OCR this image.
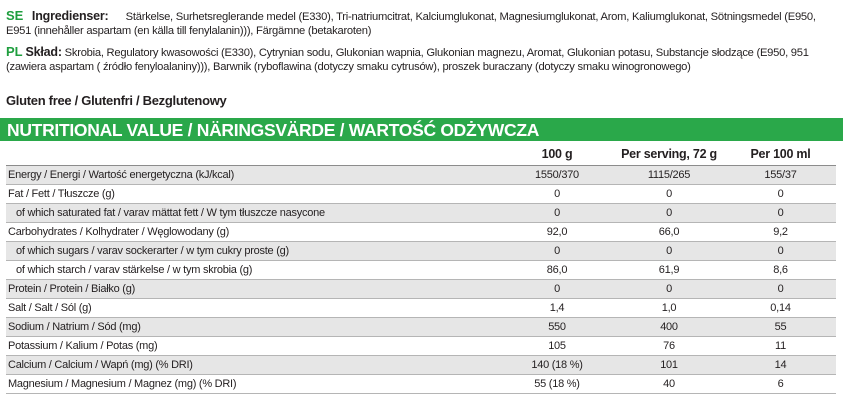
SE Ingredienser: Stärkelse, Surhetsreglerande medel (E330), Tri-natriumcitrat, Kalciumglukonat, Magnesiumglukonat, Arom, Kaliumglukonat, Sötningsmedel (E950, E951 (innehåller aspartam (en källa till fenylalanin))), Färgämne (betakaroten)
PL Skład: Skrobia, Regulatory kwasowości (E330), Cytrynian sodu, Glukonian wapnia, Glukonian magnezu, Aromat, Glukonian potasu, Substancje słodzące (E950, 951 (zawiera aspartam ( źródło fenyloalaniny))), Barwnik (ryboflawina (dotyczy smaku cytrusów), proszek buraczany (dotyczy smaku winogronowego)
Gluten free / Glutenfri / Bezglutenowy
NUTRITIONAL VALUE / NÄRINGSVÄRDE / WARTOŚĆ ODŻYWCZA
	100 g	Per serving, 72 g	Per 100 ml
Energy / Energi / Wartość energetyczna (kJ/kcal)	1550/370	1115/265	155/37
Fat / Fett / Tłuszcze (g)	0	0	0
of which saturated fat / varav mättat fett / W tym tłuszcze nasycone	0	0	0
Carbohydrates / Kolhydrater / Węglowodany (g)	92,0	66,0	9,2
of which sugars / varav sockerarter / w tym cukry proste (g)	0	0	0
of which starch / varav stärkelse / w tym skrobia (g)	86,0	61,9	8,6
Protein / Protein / Białko (g)	0	0	0
Salt / Salt / Sól (g)	1,4	1,0	0,14
Sodium / Natrium / Sód (mg)	550	400	55
Potassium / Kalium / Potas (mg)	105	76	11
Calcium / Calcium / Wapń (mg) (% DRI)	140 (18 %)	101	14
Magnesium / Magnesium / Magnez (mg) (% DRI)	55 (18 %)	40	6
